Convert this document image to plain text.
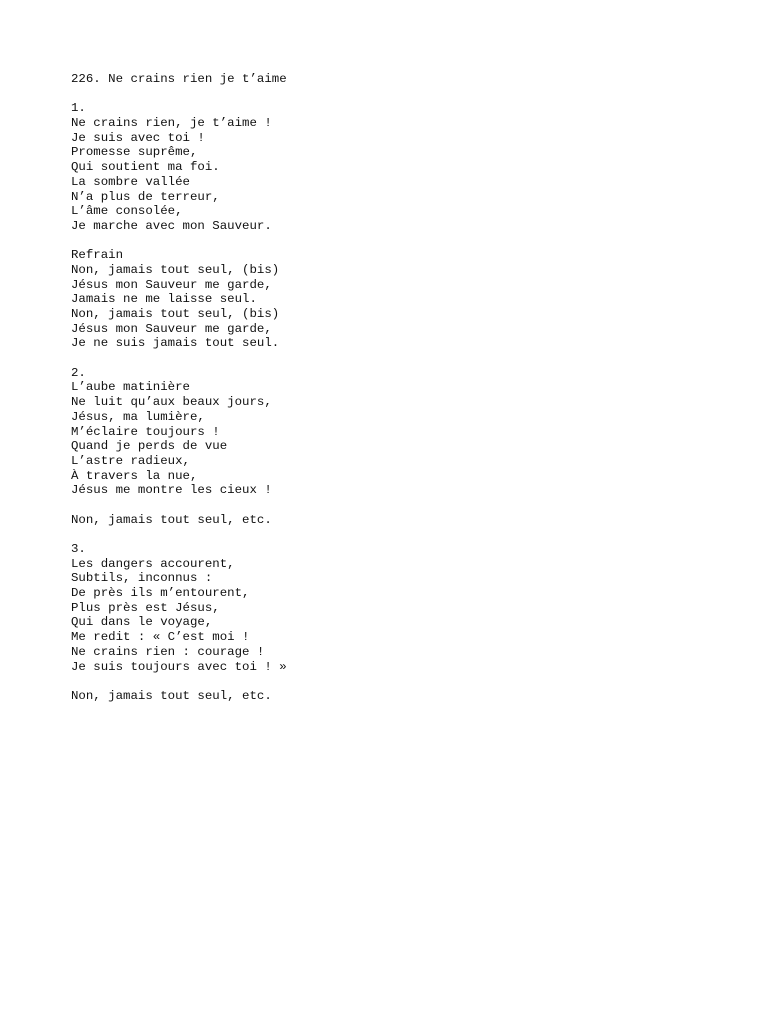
226. Ne crains rien je t’aime
1.
Ne crains rien, je t’aime !
Je suis avec toi !
Promesse suprême,
Qui soutient ma foi.
La sombre vallée
N’a plus de terreur,
L’âme consolée,
Je marche avec mon Sauveur.
Refrain
Non, jamais tout seul, (bis)
Jésus mon Sauveur me garde,
Jamais ne me laisse seul.
Non, jamais tout seul, (bis)
Jésus mon Sauveur me garde,
Je ne suis jamais tout seul.
2.
L’aube matinière
Ne luit qu’aux beaux jours,
Jésus, ma lumière,
M’éclaire toujours !
Quand je perds de vue
L’astre radieux,
À travers la nue,
Jésus me montre les cieux !
Non, jamais tout seul, etc.
3.
Les dangers accourent,
Subtils, inconnus :
De près ils m’entourent,
Plus près est Jésus,
Qui dans le voyage,
Me redit : « C’est moi !
Ne crains rien : courage !
Je suis toujours avec toi ! »
Non, jamais tout seul, etc.
